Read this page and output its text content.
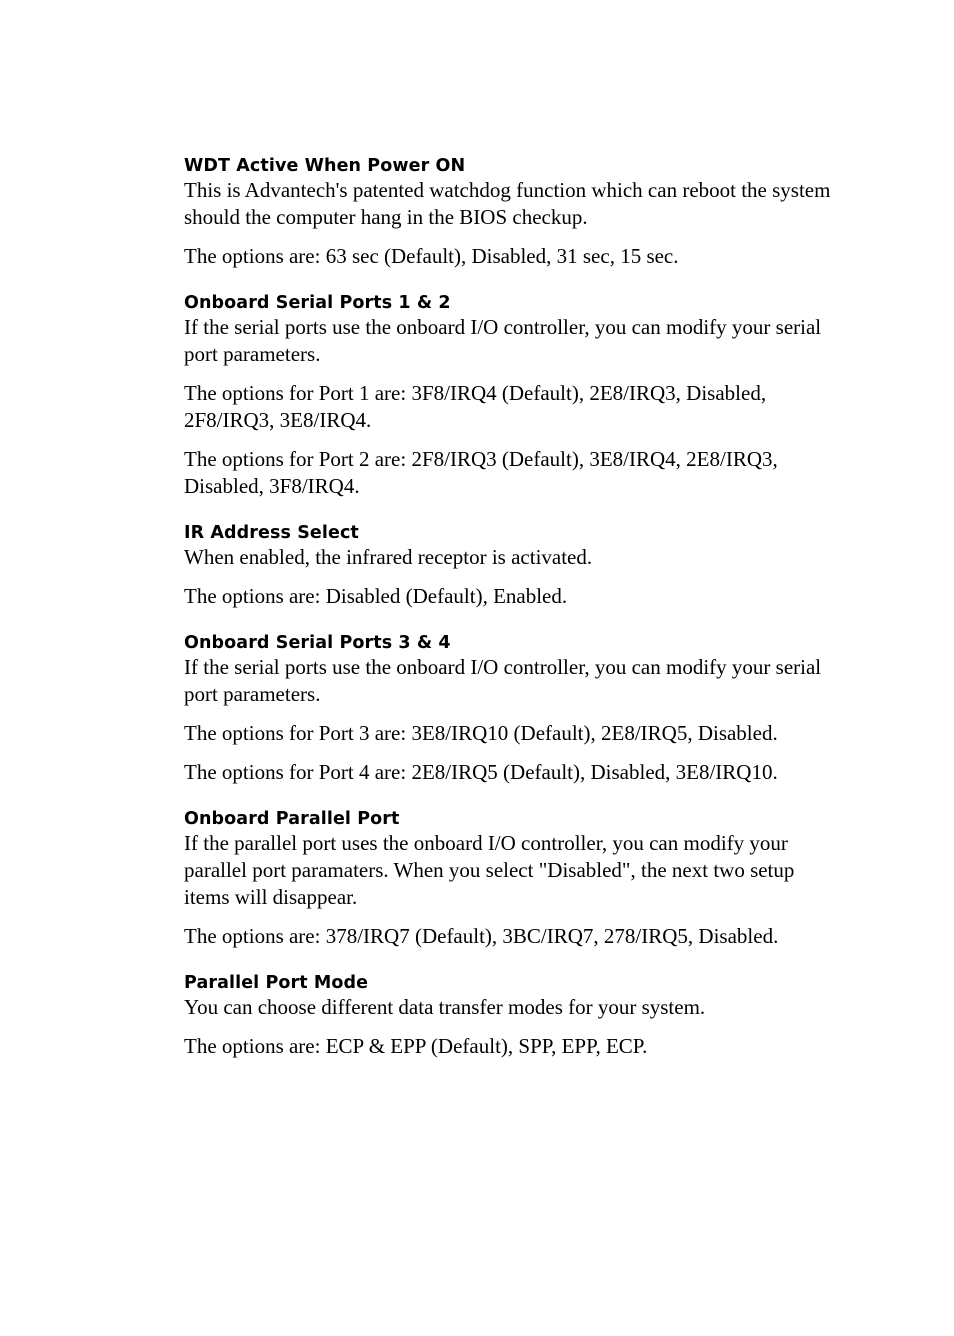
WDT Active When Power ON

This is Advantech's patented watchdog function which can reboot the system should the computer hang in the BIOS checkup.

The options are: 63 sec (Default), Disabled, 31 sec, 15 sec.

Onboard Serial Ports 1 & 2

If the serial ports use the onboard I/O controller, you can modify your serial port parameters.

The options for Port 1 are: 3F8/IRQ4 (Default), 2E8/IRQ3, Disabled, 2F8/IRQ3, 3E8/IRQ4.

The options for Port 2 are: 2F8/IRQ3 (Default), 3E8/IRQ4, 2E8/IRQ3, Disabled, 3F8/IRQ4.

IR Address Select

When enabled, the infrared receptor is activated.

The options are: Disabled (Default), Enabled.

Onboard Serial Ports 3 & 4

If the serial ports use the onboard I/O controller, you can modify your serial port parameters.

The options for Port 3 are: 3E8/IRQ10 (Default), 2E8/IRQ5, Disabled.

The options for Port 4 are: 2E8/IRQ5 (Default), Disabled, 3E8/IRQ10.

Onboard Parallel Port

If the parallel port uses the onboard I/O controller, you can modify your parallel port paramaters. When you select "Disabled", the next two setup items will disappear.

The options are: 378/IRQ7 (Default), 3BC/IRQ7, 278/IRQ5, Disabled.

Parallel Port Mode

You can choose different data transfer modes for your system.

The options are: ECP & EPP (Default), SPP, EPP, ECP.
